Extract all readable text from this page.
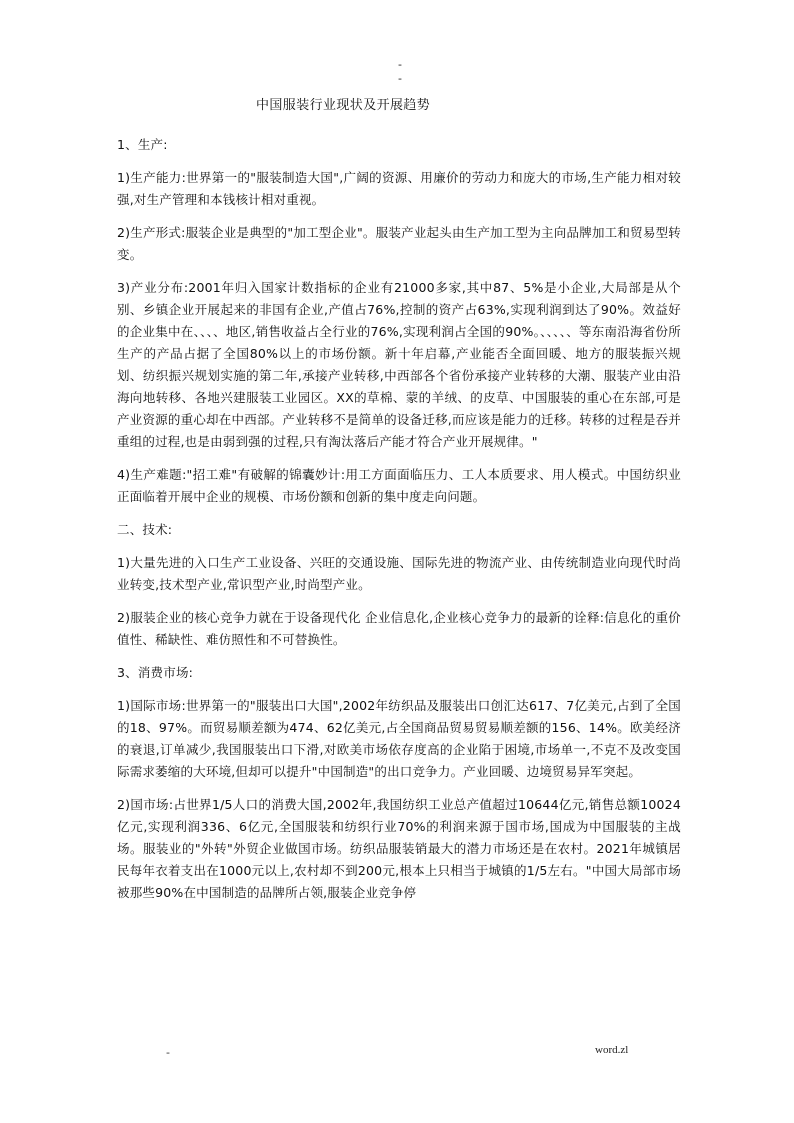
-
-
中国服装行业现状及开展趋势

1、生产:

1)生产能力:世界第一的"服装制造大国",广阔的资源、用廉价的劳动力和庞大的市场,生产能力相对较强,对生产管理和本钱核计相对重视。

2)生产形式:服装企业是典型的"加工型企业"。服装产业起头由生产加工型为主向品牌加工和贸易型转变。

3)产业分布:2001年归入国家计数指标的企业有21000多家,其中87、5%是小企业,大局部是从个别、乡镇企业开展起来的非国有企业,产值占76%,控制的资产占63%,实现利润到达了90%。效益好的企业集中在、、、、地区,销售收益占全行业的76%,实现利润占全国的90%。、、、、、等东南沿海省份所生产的产品占据了全国80%以上的市场份额。新十年启幕,产业能否全面回暖、地方的服装振兴规划、纺织振兴规划实施的第二年,承接产业转移,中西部各个省份承接产业转移的大潮、服装产业由沿海向地转移、各地兴建服装工业园区。XX的草棉、蒙的羊绒、的皮草、中国服装的重心在东部,可是产业资源的重心却在中西部。产业转移不是简单的设备迁移,而应该是能力的迁移。转移的过程是吞并重组的过程,也是由弱到强的过程,只有淘汰落后产能才符合产业开展规律。"

4)生产难题:"招工难"有破解的锦囊妙计:用工方面面临压力、工人本质要求、用人模式。中国纺织业正面临着开展中企业的规模、市场份额和创新的集中度走向问题。

二、技术:

1)大量先进的入口生产工业设备、兴旺的交通设施、国际先进的物流产业、由传统制造业向现代时尚业转变,技术型产业,常识型产业,时尚型产业。

2)服装企业的核心竞争力就在于设备现代化 企业信息化,企业核心竞争力的最新的诠释:信息化的重价值性、稀缺性、难仿照性和不可替换性。

3、消费市场:

1)国际市场:世界第一的"服装出口大国",2002年纺织品及服装出口创汇达617、7亿美元,占到了全国的18、97%。而贸易顺差额为474、62亿美元,占全国商品贸易贸易顺差额的156、14%。欧美经济的衰退,订单减少,我国服装出口下滑,对欧美市场依存度高的企业陷于困境,市场单一,不克不及改变国际需求萎缩的大环境,但却可以提升"中国制造"的出口竞争力。产业回暖、边境贸易异军突起。

2)国市场:占世界1/5人口的消费大国,2002年,我国纺织工业总产值超过10644亿元,销售总额10024亿元,实现利润336、6亿元,全国服装和纺织行业70%的利润来源于国市场,国成为中国服装的主战场。服装业的"外转"外贸企业做国市场。纺织品服装销最大的潜力市场还是在农村。2021年城镇居民每年衣着支出在1000元以上,农村却不到200元,根本上只相当于城镇的1/5左右。"中国大局部市场被那些90%在中国制造的品牌所占领,服装企业竞争停

-	word.zl
